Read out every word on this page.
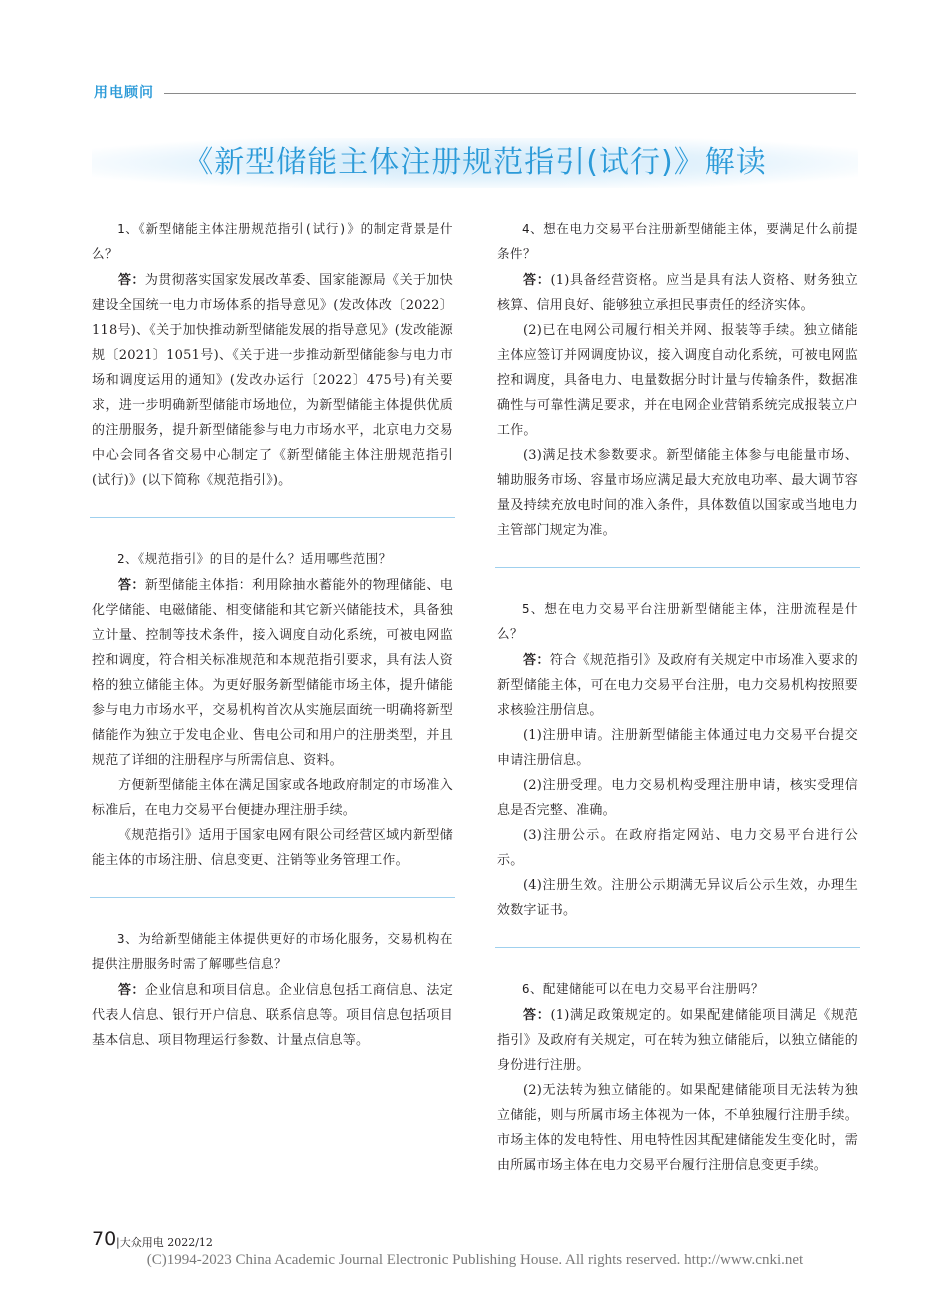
用电顾问
《新型储能主体注册规范指引(试行)》解读
1、《新型储能主体注册规范指引(试行)》的制定背景是什么？

答：为贯彻落实国家发展改革委、国家能源局《关于加快建设全国统一电力市场体系的指导意见》(发改体改〔2022〕118号)、《关于加快推动新型储能发展的指导意见》(发改能源规〔2021〕1051号)、《关于进一步推动新型储能参与电力市场和调度运用的通知》(发改办运行〔2022〕475号)有关要求，进一步明确新型储能市场地位，为新型储能主体提供优质的注册服务，提升新型储能参与电力市场水平，北京电力交易中心会同各省交易中心制定了《新型储能主体注册规范指引(试行)》(以下简称《规范指引》)。

2、《规范指引》的目的是什么？适用哪些范围？

答：新型储能主体指：利用除抽水蓄能外的物理储能、电化学储能、电磁储能、相变储能和其它新兴储能技术，具备独立计量、控制等技术条件，接入调度自动化系统，可被电网监控和调度，符合相关标准规范和本规范指引要求，具有法人资格的独立储能主体。为更好服务新型储能市场主体，提升储能参与电力市场水平，交易机构首次从实施层面统一明确将新型储能作为独立于发电企业、售电公司和用户的注册类型，并且规范了详细的注册程序与所需信息、资料。

方便新型储能主体在满足国家或各地政府制定的市场准入标准后，在电力交易平台便捷办理注册手续。

《规范指引》适用于国家电网有限公司经营区域内新型储能主体的市场注册、信息变更、注销等业务管理工作。

3、为给新型储能主体提供更好的市场化服务，交易机构在提供注册服务时需了解哪些信息？

答：企业信息和项目信息。企业信息包括工商信息、法定代表人信息、银行开户信息、联系信息等。项目信息包括项目基本信息、项目物理运行参数、计量点信息等。

4、想在电力交易平台注册新型储能主体，要满足什么前提条件？

答：(1)具备经营资格。应当是具有法人资格、财务独立核算、信用良好、能够独立承担民事责任的经济实体。

(2)已在电网公司履行相关并网、报装等手续。独立储能主体应签订并网调度协议，接入调度自动化系统，可被电网监控和调度，具备电力、电量数据分时计量与传输条件，数据准确性与可靠性满足要求，并在电网企业营销系统完成报装立户工作。

(3)满足技术参数要求。新型储能主体参与电能量市场、辅助服务市场、容量市场应满足最大充放电功率、最大调节容量及持续充放电时间的准入条件，具体数值以国家或当地电力主管部门规定为准。

5、想在电力交易平台注册新型储能主体，注册流程是什么？

答：符合《规范指引》及政府有关规定中市场准入要求的新型储能主体，可在电力交易平台注册，电力交易机构按照要求核验注册信息。

(1)注册申请。注册新型储能主体通过电力交易平台提交申请注册信息。

(2)注册受理。电力交易机构受理注册申请，核实受理信息是否完整、准确。

(3)注册公示。在政府指定网站、电力交易平台进行公示。

(4)注册生效。注册公示期满无异议后公示生效，办理生效数字证书。

6、配建储能可以在电力交易平台注册吗？

答：(1)满足政策规定的。如果配建储能项目满足《规范指引》及政府有关规定，可在转为独立储能后，以独立储能的身份进行注册。

(2)无法转为独立储能的。如果配建储能项目无法转为独立储能，则与所属市场主体视为一体，不单独履行注册手续。市场主体的发电特性、用电特性因其配建储能发生变化时，需由所属市场主体在电力交易平台履行注册信息变更手续。

70 |大众用电 2022/12
(C)1994-2023 China Academic Journal Electronic Publishing House. All rights reserved. http://www.cnki.net
